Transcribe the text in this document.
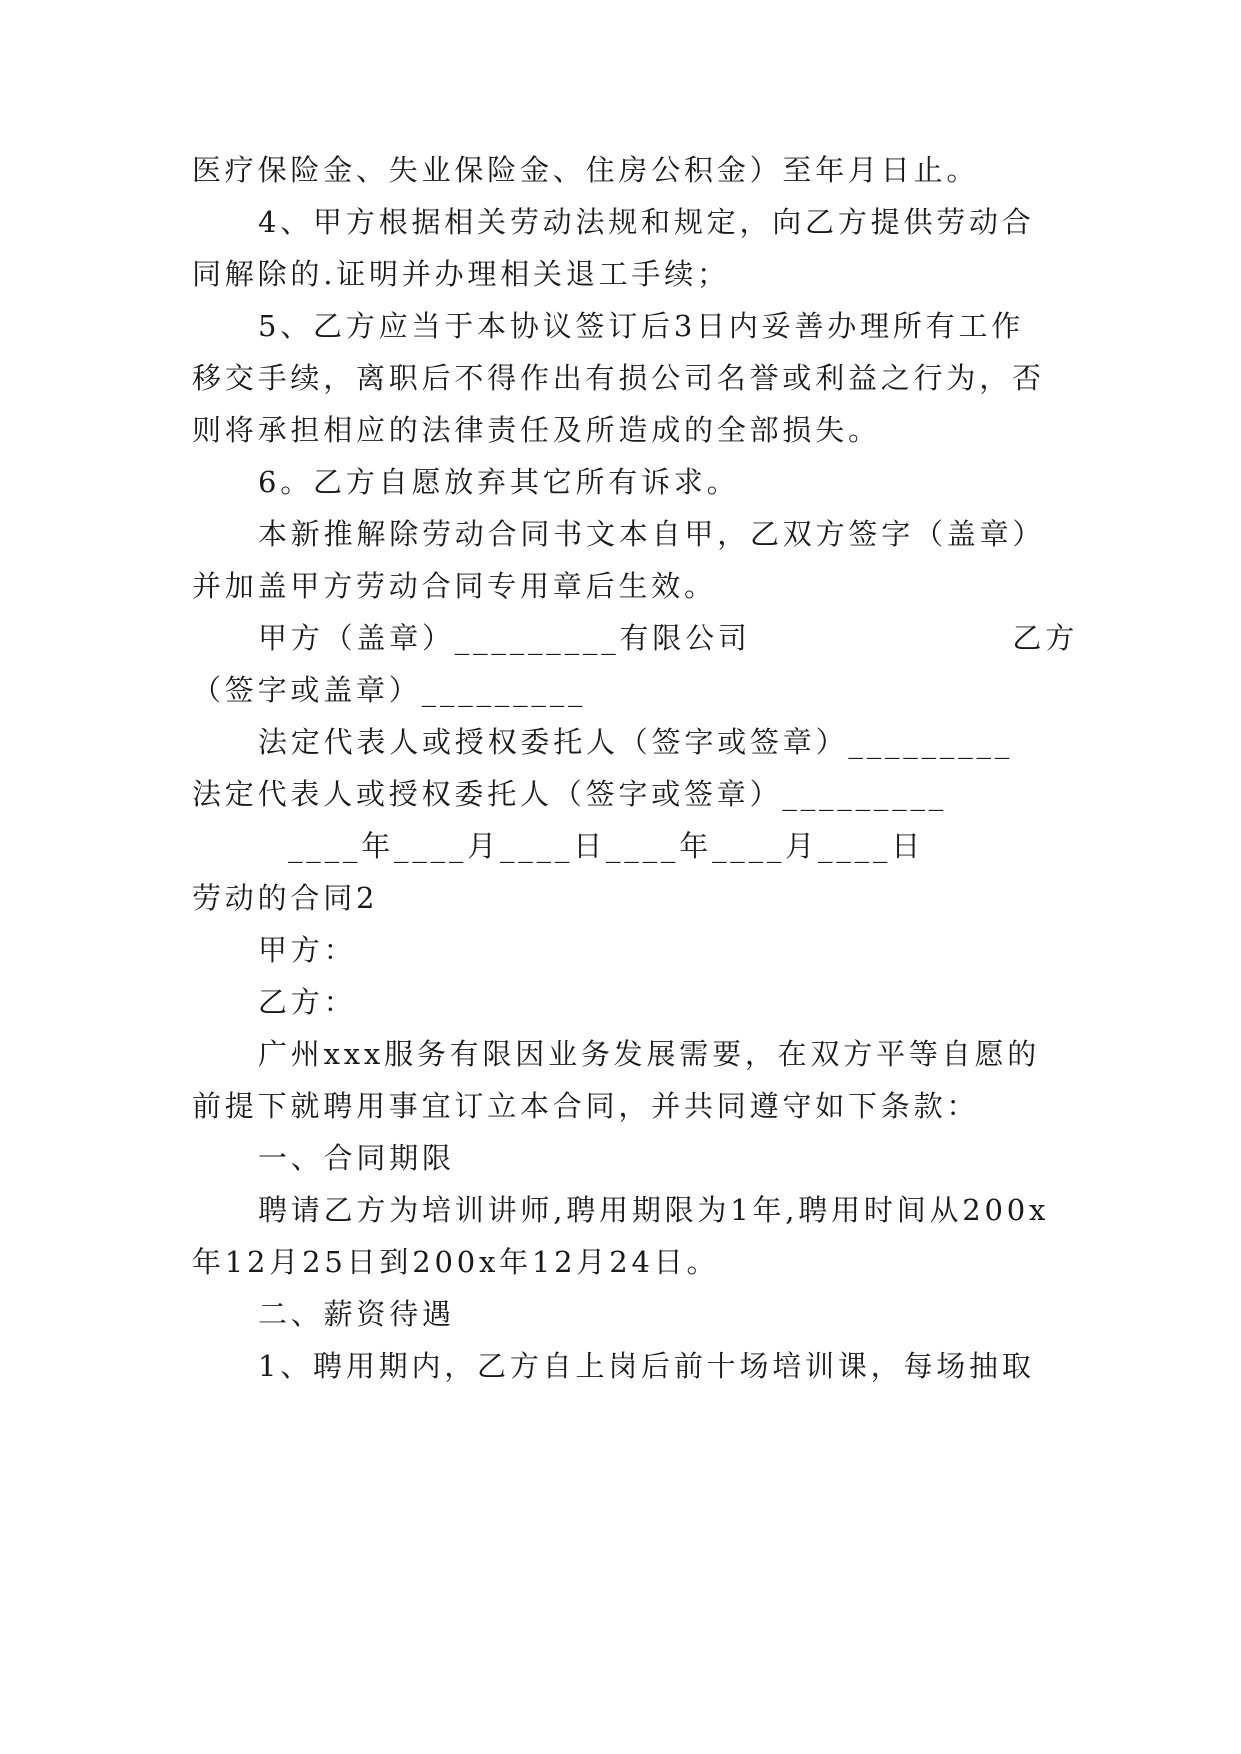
医疗保险金、失业保险金、住房公积金）至年月日止。
4、甲方根据相关劳动法规和规定，向乙方提供劳动合
同解除的.证明并办理相关退工手续；
5、乙方应当于本协议签订后3日内妥善办理所有工作
移交手续，离职后不得作出有损公司名誉或利益之行为，否
则将承担相应的法律责任及所造成的全部损失。
6。乙方自愿放弃其它所有诉求。
本新推解除劳动合同书文本自甲，乙双方签字（盖章）
并加盖甲方劳动合同专用章后生效。
甲方（盖章）_________有限公司	乙方
（签字或盖章）_________
法定代表人或授权委托人（签字或签章）_________
法定代表人或授权委托人（签字或签章）_________
____年____月____日____年____月____日
劳动的合同2
甲方：
乙方：
广州xxx服务有限因业务发展需要，在双方平等自愿的
前提下就聘用事宜订立本合同，并共同遵守如下条款：
一、合同期限
聘请乙方为培训讲师,聘用期限为1年,聘用时间从200x
年12月25日到200x年12月24日。
二、薪资待遇
1、聘用期内，乙方自上岗后前十场培训课，每场抽取
